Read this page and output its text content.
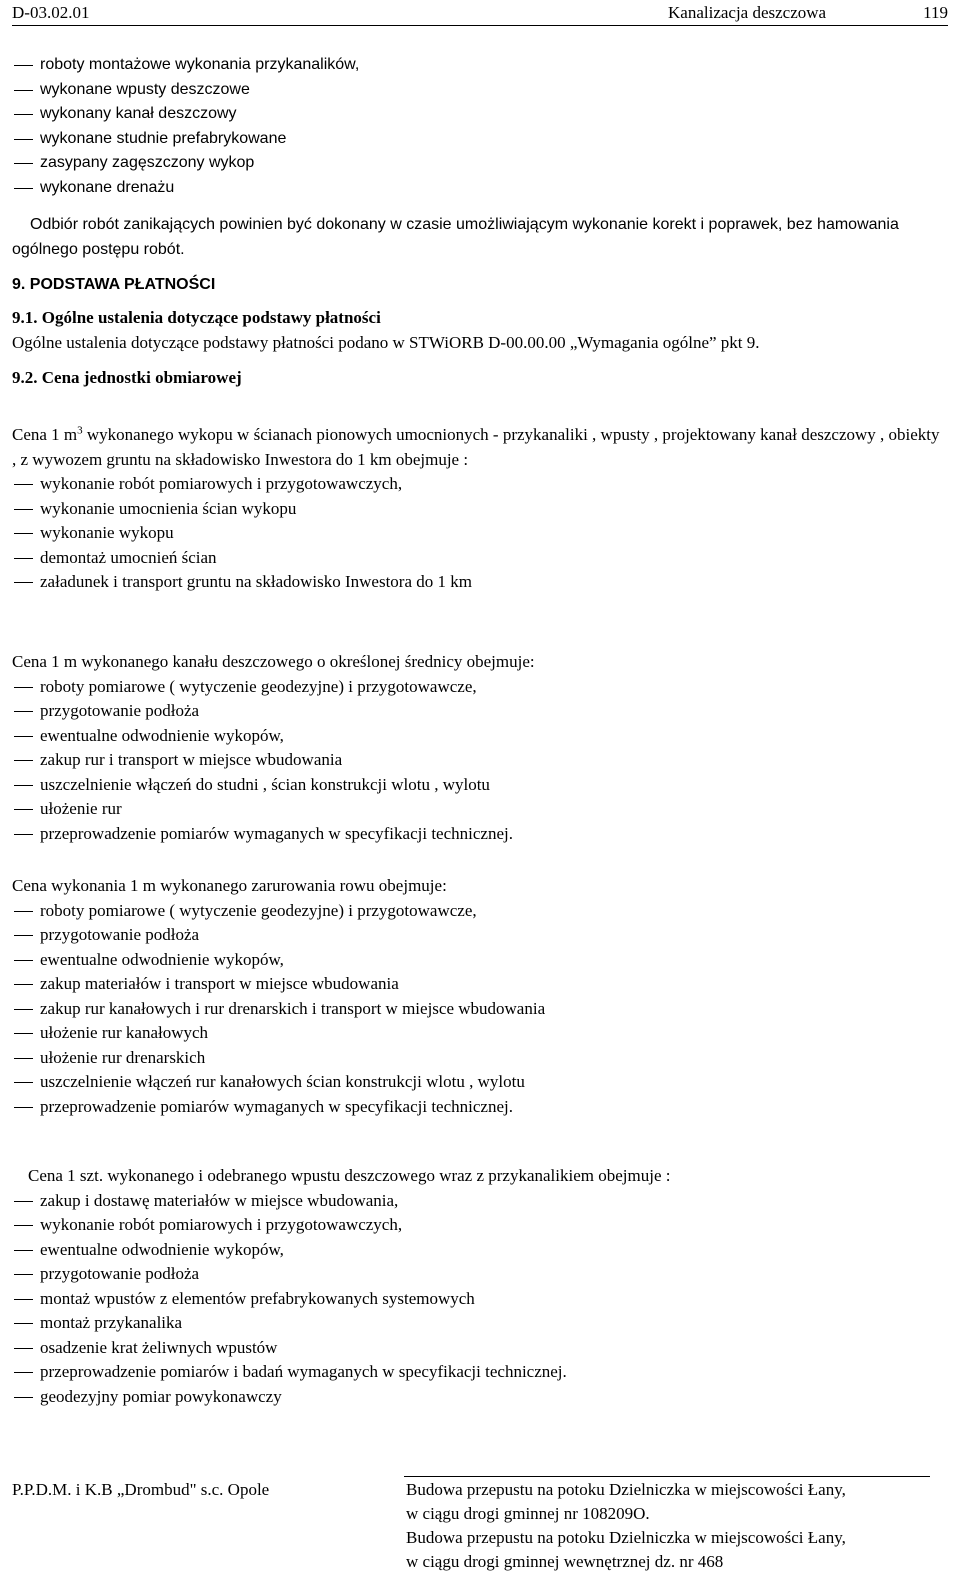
D-03.02.01	Kanalizacja deszczowa	119
roboty montażowe wykonania przykanalików,
wykonane wpusty deszczowe
wykonany kanał deszczowy
wykonane studnie prefabrykowane
zasypany zagęszczony wykop
wykonane drenażu

Odbiór robót zanikających powinien być dokonany w czasie umożliwiającym wykonanie korekt i poprawek, bez hamowania ogólnego postępu robót.

9. PODSTAWA PŁATNOŚCI

9.1. Ogólne ustalenia dotyczące podstawy płatności

Ogólne ustalenia dotyczące podstawy płatności podano w STWiORB D-00.00.00 „Wymagania ogólne” pkt 9.

9.2. Cena jednostki obmiarowej

Cena 1 $m^3$ wykonanego wykopu w ścianach pionowych umocnionych - przykanaliki , wpusty , projektowany kanał deszczowy , obiekty , z wywozem gruntu na składowisko Inwestora do 1 km obejmuje :

wykonanie robót pomiarowych i przygotowawczych,
wykonanie umocnienia ścian wykopu
wykonanie wykopu
demontaż umocnień ścian
załadunek i transport gruntu na składowisko Inwestora do 1 km

Cena 1 m wykonanego kanału deszczowego o określonej średnicy obejmuje:

roboty pomiarowe ( wytyczenie geodezyjne) i przygotowawcze,
przygotowanie podłoża
ewentualne odwodnienie wykopów,
zakup rur i transport w miejsce wbudowania
uszczelnienie włączeń do studni , ścian konstrukcji wlotu , wylotu
ułożenie rur
przeprowadzenie pomiarów wymaganych w specyfikacji technicznej.

Cena wykonania 1 m wykonanego zarurowania rowu obejmuje:

roboty pomiarowe ( wytyczenie geodezyjne) i przygotowawcze,
przygotowanie podłoża
ewentualne odwodnienie wykopów,
zakup materiałów i transport w miejsce wbudowania
zakup rur kanałowych i rur drenarskich i transport w miejsce wbudowania
ułożenie rur kanałowych
ułożenie rur drenarskich
uszczelnienie włączeń rur kanałowych ścian konstrukcji wlotu , wylotu
przeprowadzenie pomiarów wymaganych w specyfikacji technicznej.

Cena 1 szt. wykonanego i odebranego wpustu deszczowego wraz z przykanalikiem obejmuje :

zakup i dostawę materiałów w miejsce wbudowania,
wykonanie robót pomiarowych i przygotowawczych,
ewentualne odwodnienie wykopów,
przygotowanie podłoża
montaż wpustów z elementów prefabrykowanych systemowych
montaż przykanalika
osadzenie krat żeliwnych wpustów
przeprowadzenie pomiarów i badań wymaganych w specyfikacji technicznej.
geodezyjny pomiar powykonawczy
P.P.D.M. i K.B „Drombud" s.c. Opole	Budowa przepustu na potoku Dzielniczka w miejscowości Łany,
w ciągu drogi gminnej nr 108209O.
Budowa przepustu na potoku Dzielniczka w miejscowości Łany,
w ciągu drogi gminnej wewnętrznej dz. nr 468
